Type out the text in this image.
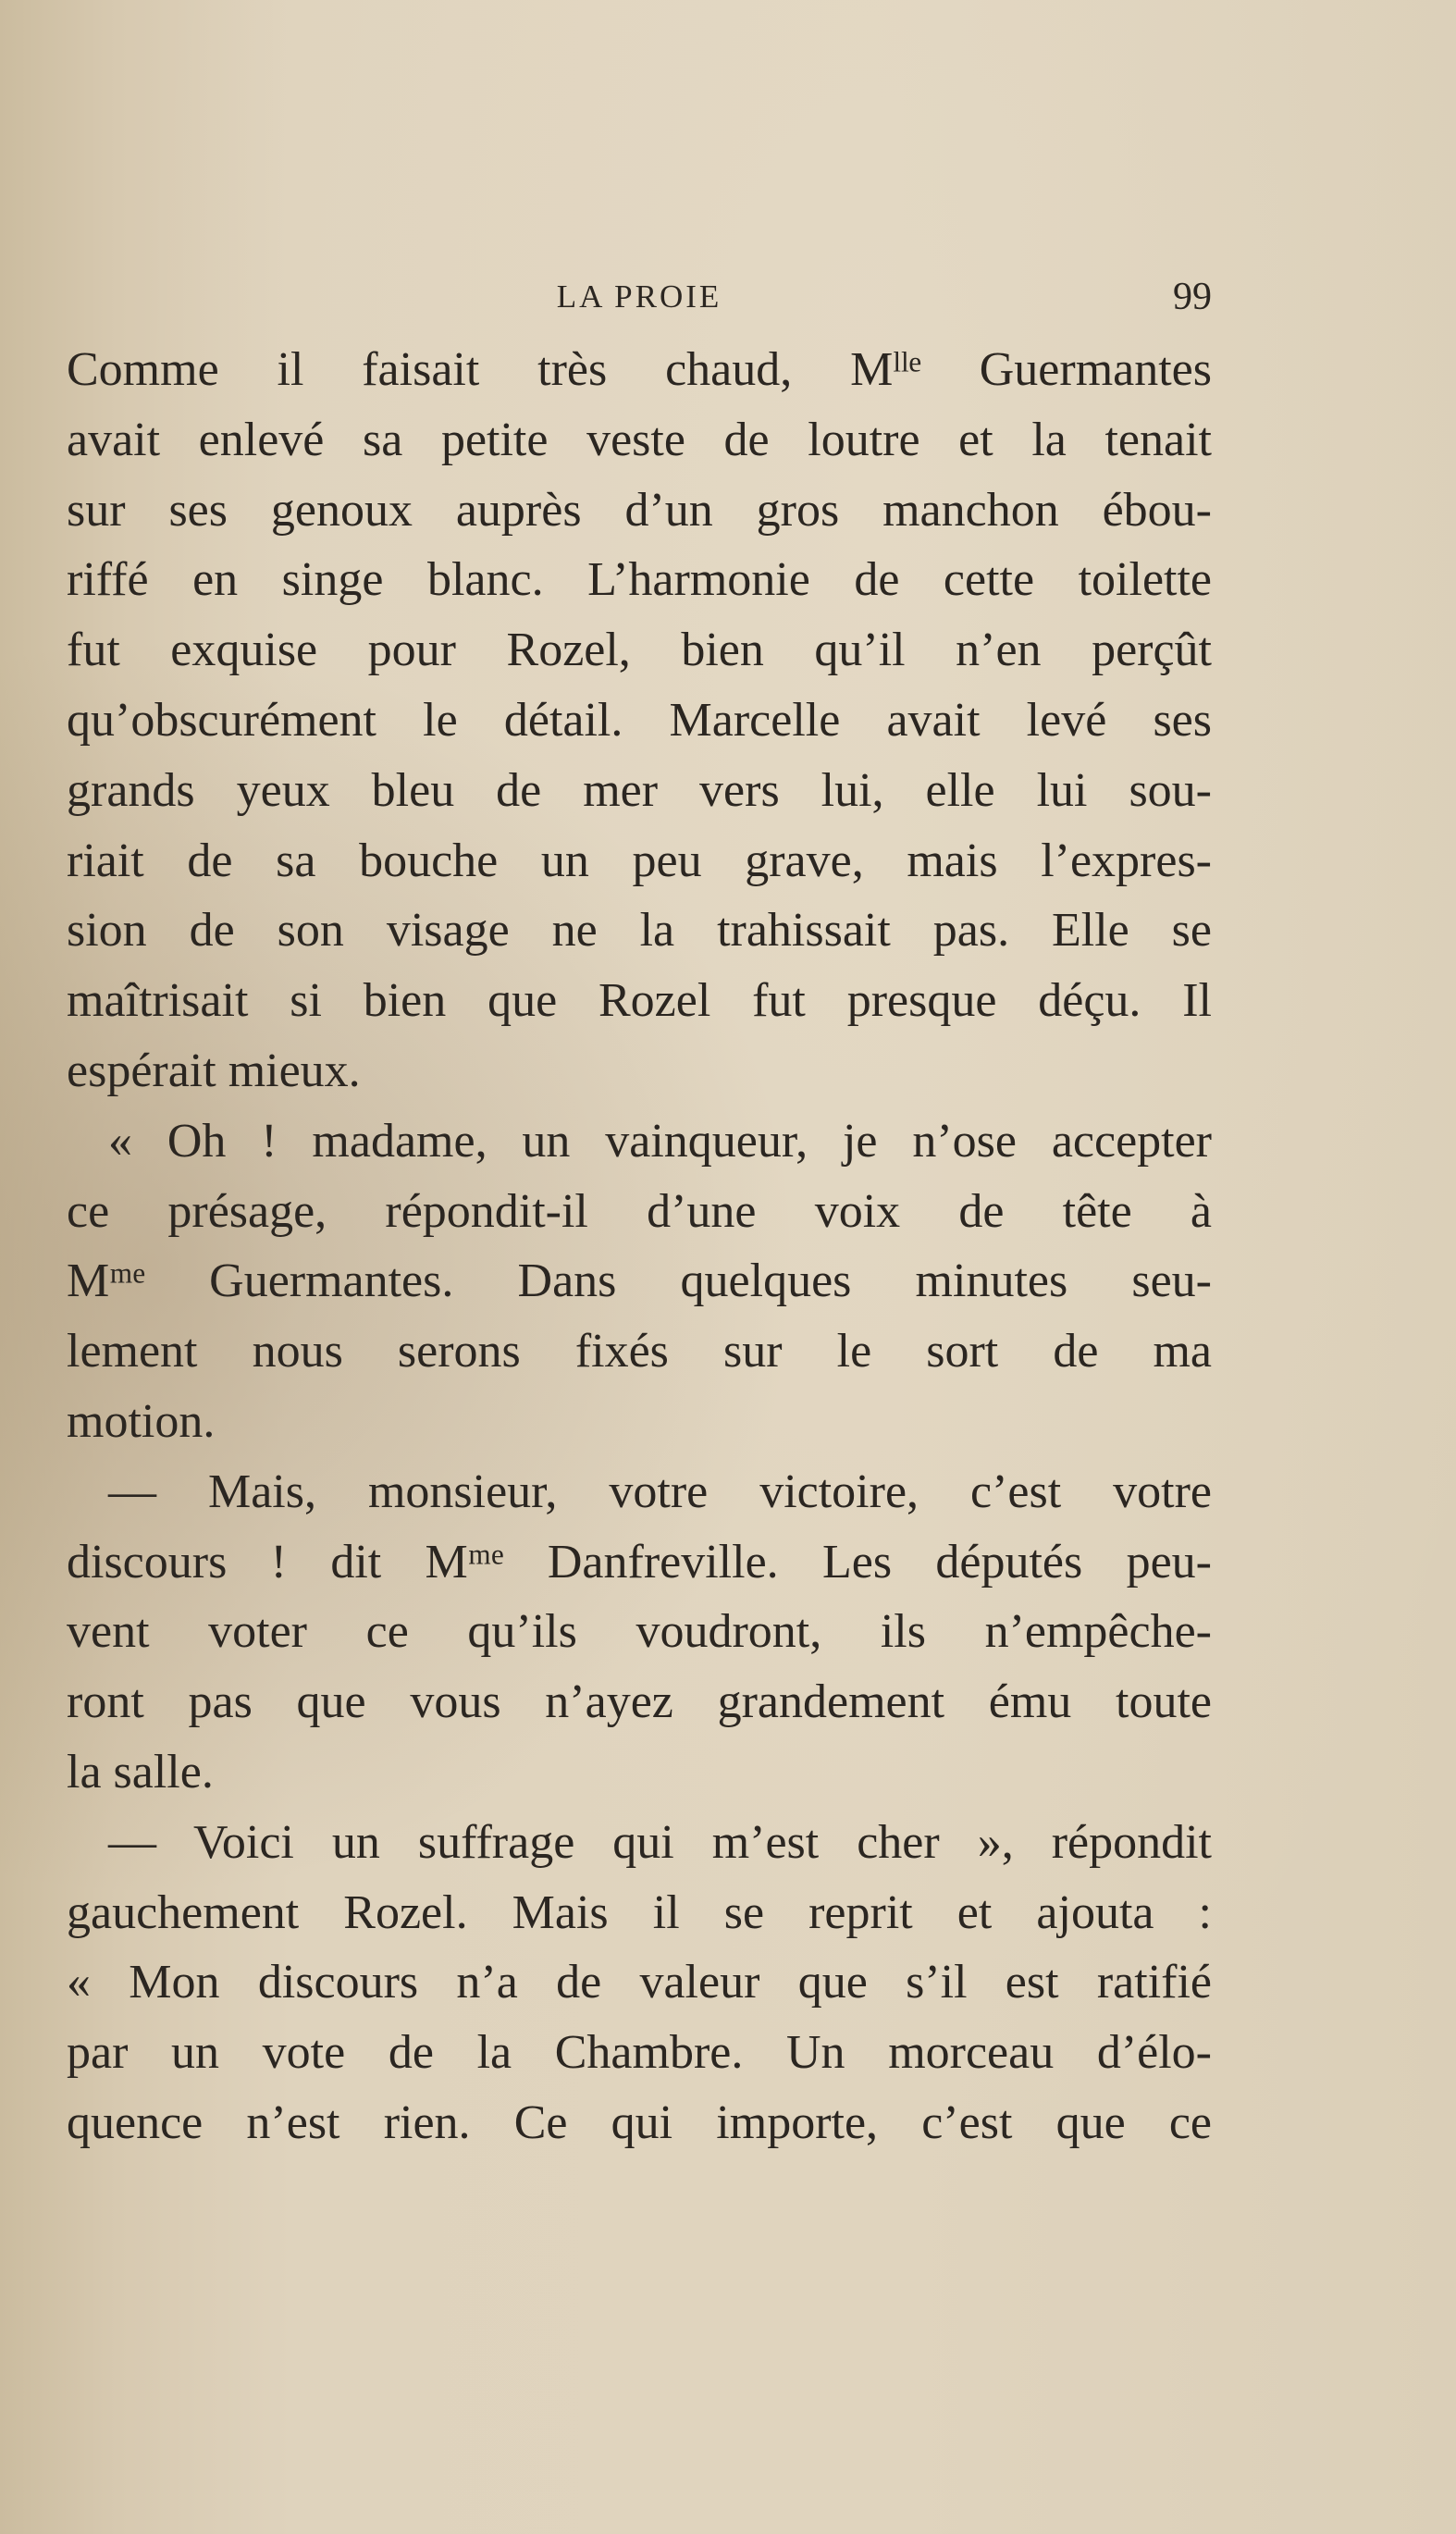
LA PROIE	99
Comme il faisait très chaud, Mˡˡᵉ Guermantes
avait enlevé sa petite veste de loutre et la tenait
sur ses genoux auprès d’un gros manchon ébou-
riffé en singe blanc. L’harmonie de cette toilette
fut exquise pour Rozel, bien qu’il n’en perçût
qu’obscurément le détail. Marcelle avait levé ses
grands yeux bleu de mer vers lui, elle lui sou-
riait de sa bouche un peu grave, mais l’expres-
sion de son visage ne la trahissait pas. Elle se
maîtrisait si bien que Rozel fut presque déçu. Il
espérait mieux.
« Oh ! madame, un vainqueur, je n’ose accepter
ce présage, répondit-il d’une voix de tête à
Mᵐᵉ Guermantes. Dans quelques minutes seu-
lement nous serons fixés sur le sort de ma
motion.
— Mais, monsieur, votre victoire, c’est votre
discours ! dit Mᵐᵉ Danfreville. Les députés peu-
vent voter ce qu’ils voudront, ils n’empêche-
ront pas que vous n’ayez grandement ému toute
la salle.
— Voici un suffrage qui m’est cher », répondit
gauchement Rozel. Mais il se reprit et ajouta :
« Mon discours n’a de valeur que s’il est ratifié
par un vote de la Chambre. Un morceau d’élo-
quence n’est rien. Ce qui importe, c’est que ce
